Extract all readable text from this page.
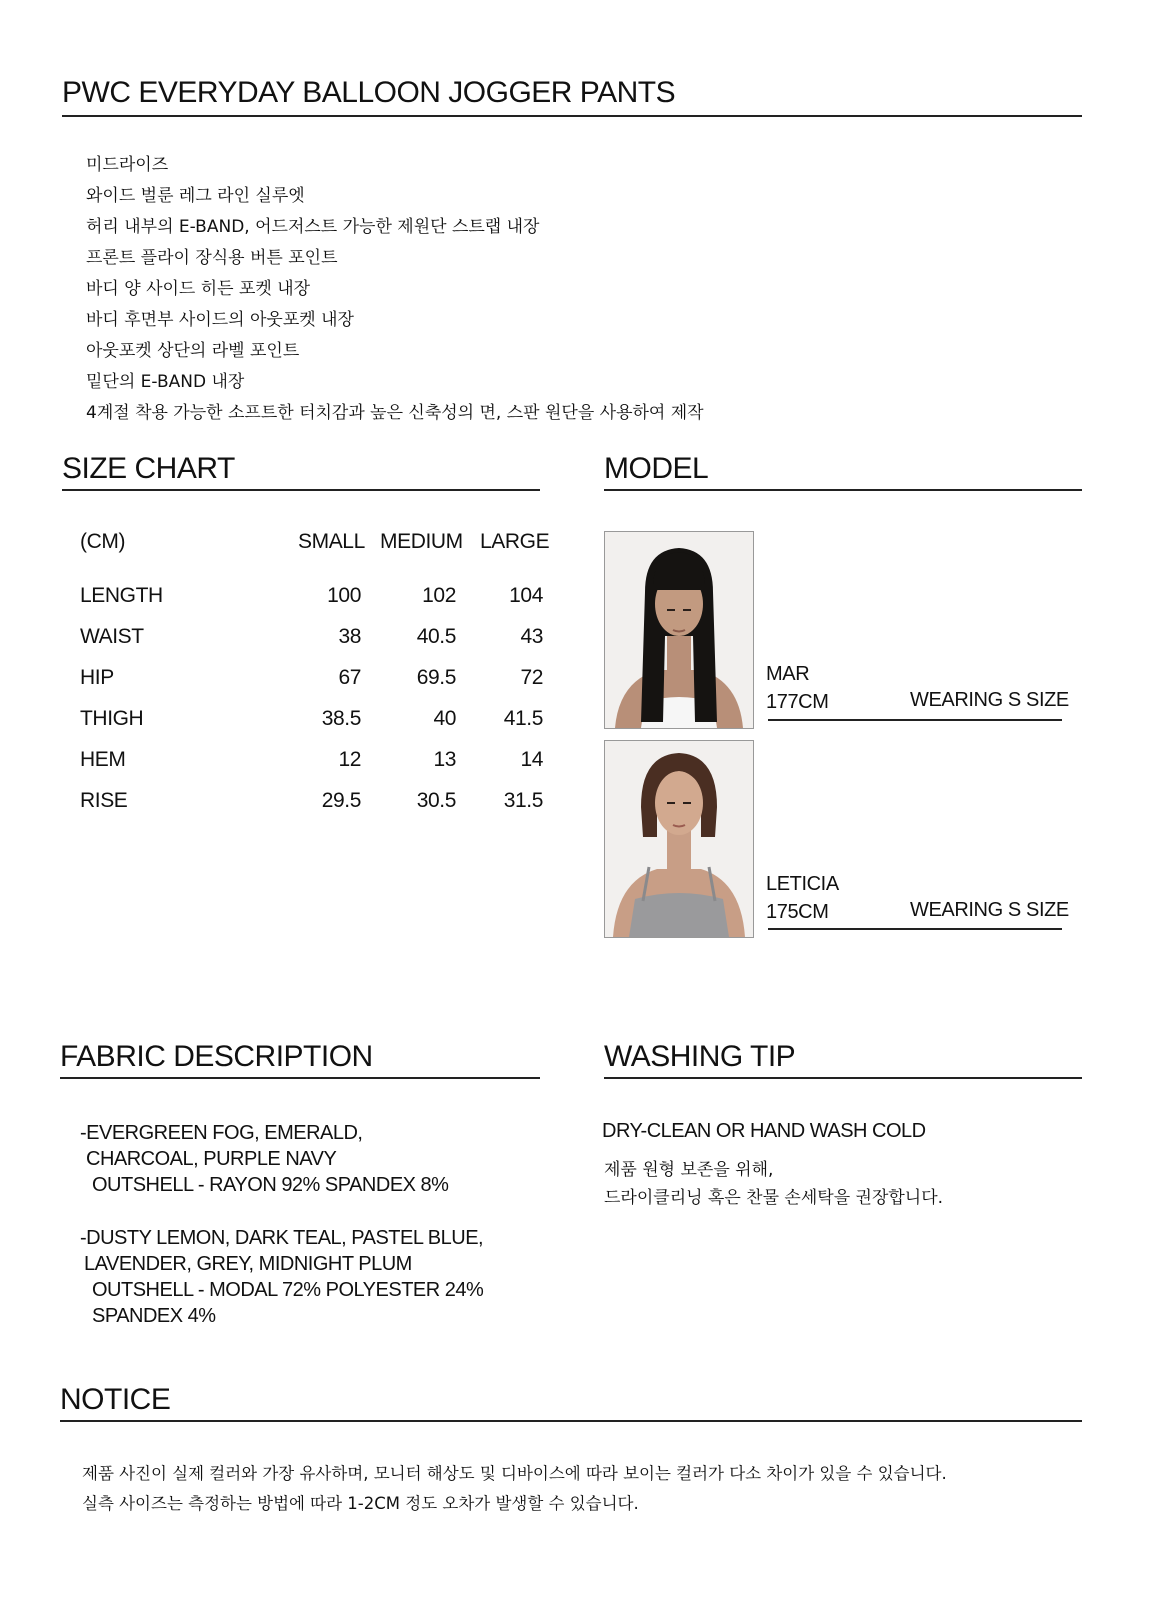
PWC EVERYDAY BALLOON JOGGER PANTS
미드라이즈
와이드 벌룬 레그 라인 실루엣
허리 내부의 E-BAND, 어드저스트 가능한 제원단 스트랩 내장
프론트 플라이 장식용 버튼 포인트
바디 양 사이드 히든 포켓 내장
바디 후면부 사이드의 아웃포켓 내장
아웃포켓 상단의 라벨 포인트
밑단의 E-BAND 내장
4계절 착용 가능한 소프트한 터치감과 높은 신축성의 면, 스판 원단을 사용하여 제작
SIZE CHART
(CM)	SMALL MEDIUM LARGE
LENGTH	100	102	104
WAIST	38	40.5	43
HIP	67	69.5	72
THIGH	38.5	40	41.5
HEM	12	13	14
RISE	29.5	30.5	31.5
MODEL
MAR
177CM	WEARING S SIZE
LETICIA
175CM	WEARING S SIZE
FABRIC DESCRIPTION
-EVERGREEN FOG, EMERALD,
CHARCOAL, PURPLE NAVY
OUTSHELL - RAYON 92% SPANDEX 8%
-DUSTY LEMON, DARK TEAL, PASTEL BLUE,
LAVENDER, GREY, MIDNIGHT PLUM
OUTSHELL - MODAL 72% POLYESTER 24%
SPANDEX 4%
WASHING TIP
DRY-CLEAN OR HAND WASH COLD
제품 원형 보존을 위해,
드라이클리닝 혹은 찬물 손세탁을 권장합니다.
NOTICE
제품 사진이 실제 컬러와 가장 유사하며, 모니터 해상도 및 디바이스에 따라 보이는 컬러가 다소 차이가 있을 수 있습니다.
실측 사이즈는 측정하는 방법에 따라 1-2CM 정도 오차가 발생할 수 있습니다.
